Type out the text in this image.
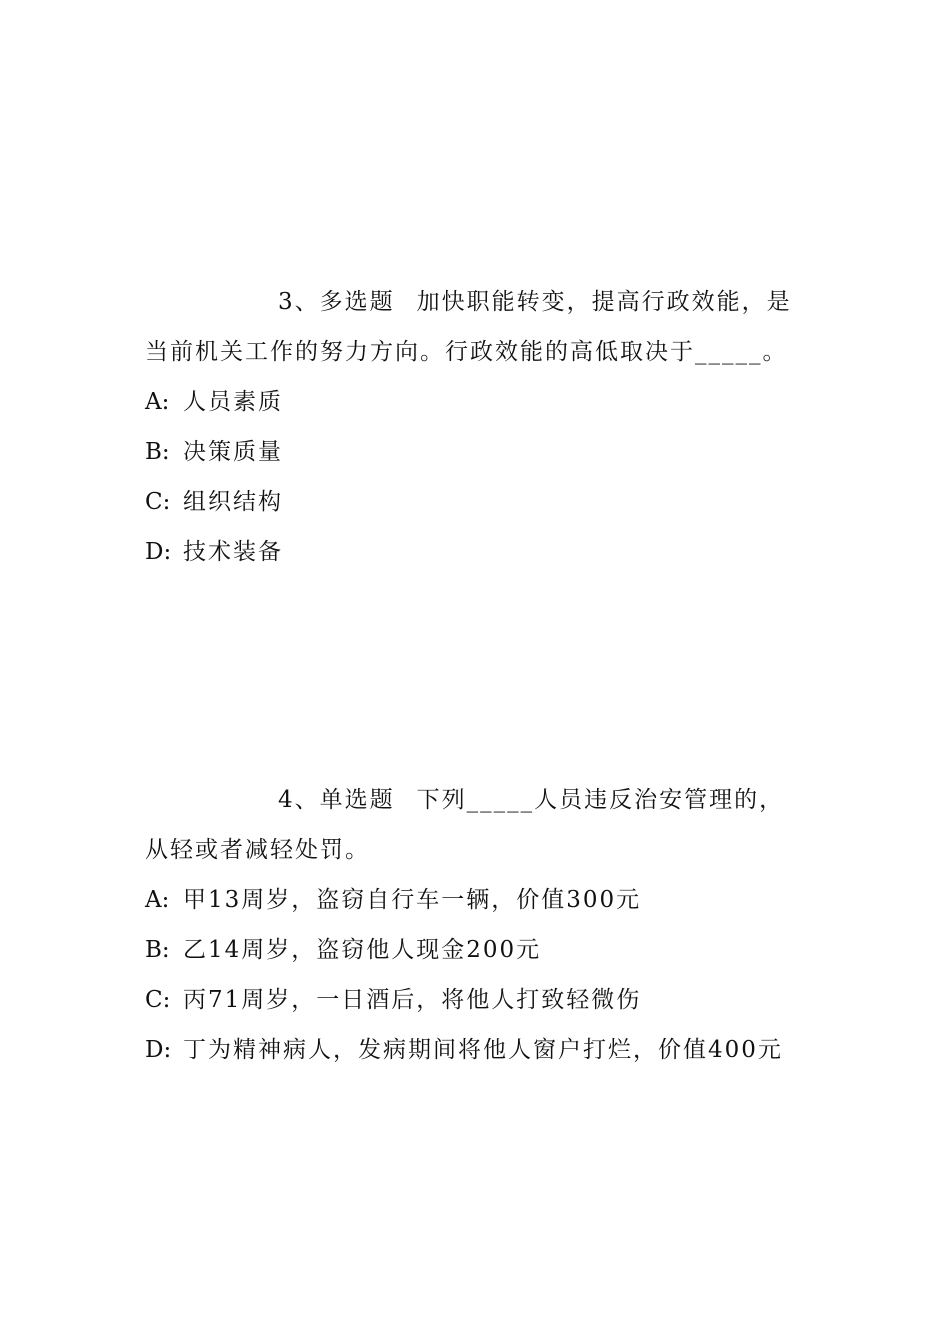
3、多选题 加快职能转变，提高行政效能，是
当前机关工作的努力方向。行政效能的高低取决于_____。
A: 人员素质
B: 决策质量
C: 组织结构
D: 技术装备
4、单选题 下列_____人员违反治安管理的，
从轻或者减轻处罚。
A: 甲13周岁，盗窃自行车一辆，价值300元
B: 乙14周岁，盗窃他人现金200元
C: 丙71周岁，一日酒后，将他人打致轻微伤
D: 丁为精神病人，发病期间将他人窗户打烂，价值400元
